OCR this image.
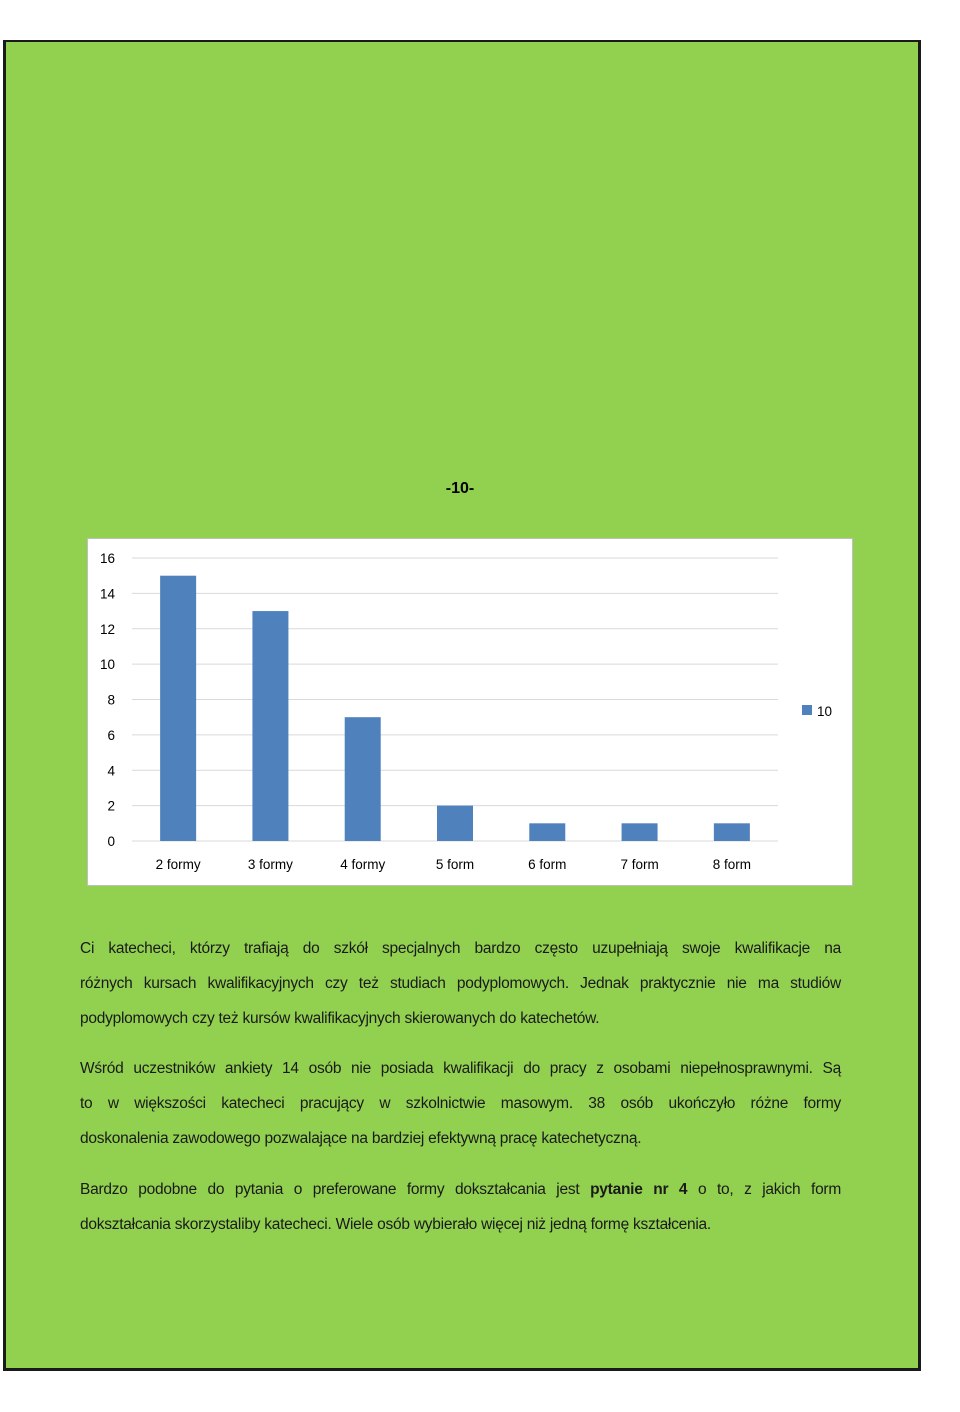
-10-
0
2
4
6
8
10
12
14
16
2 formy	3 formy	4 formy	5 form	6 form	7 form	8 form
10
Ci katecheci, którzy trafiają do szkół specjalnych bardzo często uzupełniają swoje kwalifikacje na
różnych kursach kwalifikacyjnych czy też studiach podyplomowych. Jednak praktycznie nie ma studiów
podyplomowych czy też kursów kwalifikacyjnych skierowanych do katechetów.
Wśród uczestników ankiety 14 osób nie posiada kwalifikacji do pracy z osobami niepełnosprawnymi. Są
to w większości katecheci pracujący w szkolnictwie masowym. 38 osób ukończyło różne formy
doskonalenia zawodowego pozwalające na bardziej efektywną pracę katechetyczną.
Bardzo podobne do pytania o preferowane formy dokształcania jest pytanie nr 4 o to, z jakich form
dokształcania skorzystaliby katecheci. Wiele osób wybierało więcej niż jedną formę kształcenia.
